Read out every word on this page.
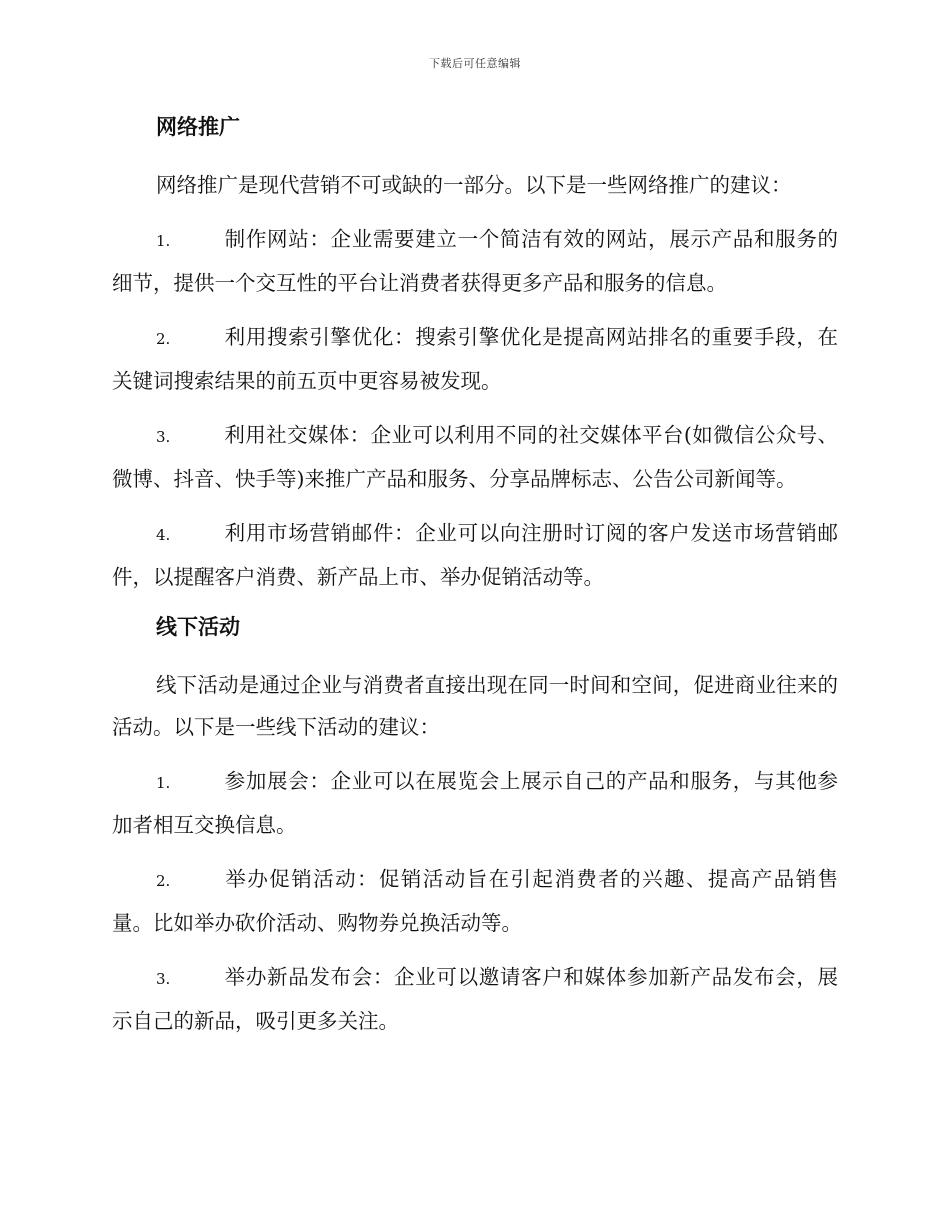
下载后可任意编辑
网络推广

网络推广是现代营销不可或缺的一部分。以下是一些网络推广的建议：

1.	制作网站：企业需要建立一个简洁有效的网站，展示产品和服务的细节，提供一个交互性的平台让消费者获得更多产品和服务的信息。

2.	利用搜索引擎优化：搜索引擎优化是提高网站排名的重要手段，在关键词搜索结果的前五页中更容易被发现。

3.	利用社交媒体：企业可以利用不同的社交媒体平台(如微信公众号、微博、抖音、快手等)来推广产品和服务、分享品牌标志、公告公司新闻等。

4.	利用市场营销邮件：企业可以向注册时订阅的客户发送市场营销邮件，以提醒客户消费、新产品上市、举办促销活动等。

线下活动

线下活动是通过企业与消费者直接出现在同一时间和空间，促进商业往来的活动。以下是一些线下活动的建议：

1.	参加展会：企业可以在展览会上展示自己的产品和服务，与其他参加者相互交换信息。

2.	举办促销活动：促销活动旨在引起消费者的兴趣、提高产品销售量。比如举办砍价活动、购物券兑换活动等。

3.	举办新品发布会：企业可以邀请客户和媒体参加新产品发布会，展示自己的新品，吸引更多关注。
